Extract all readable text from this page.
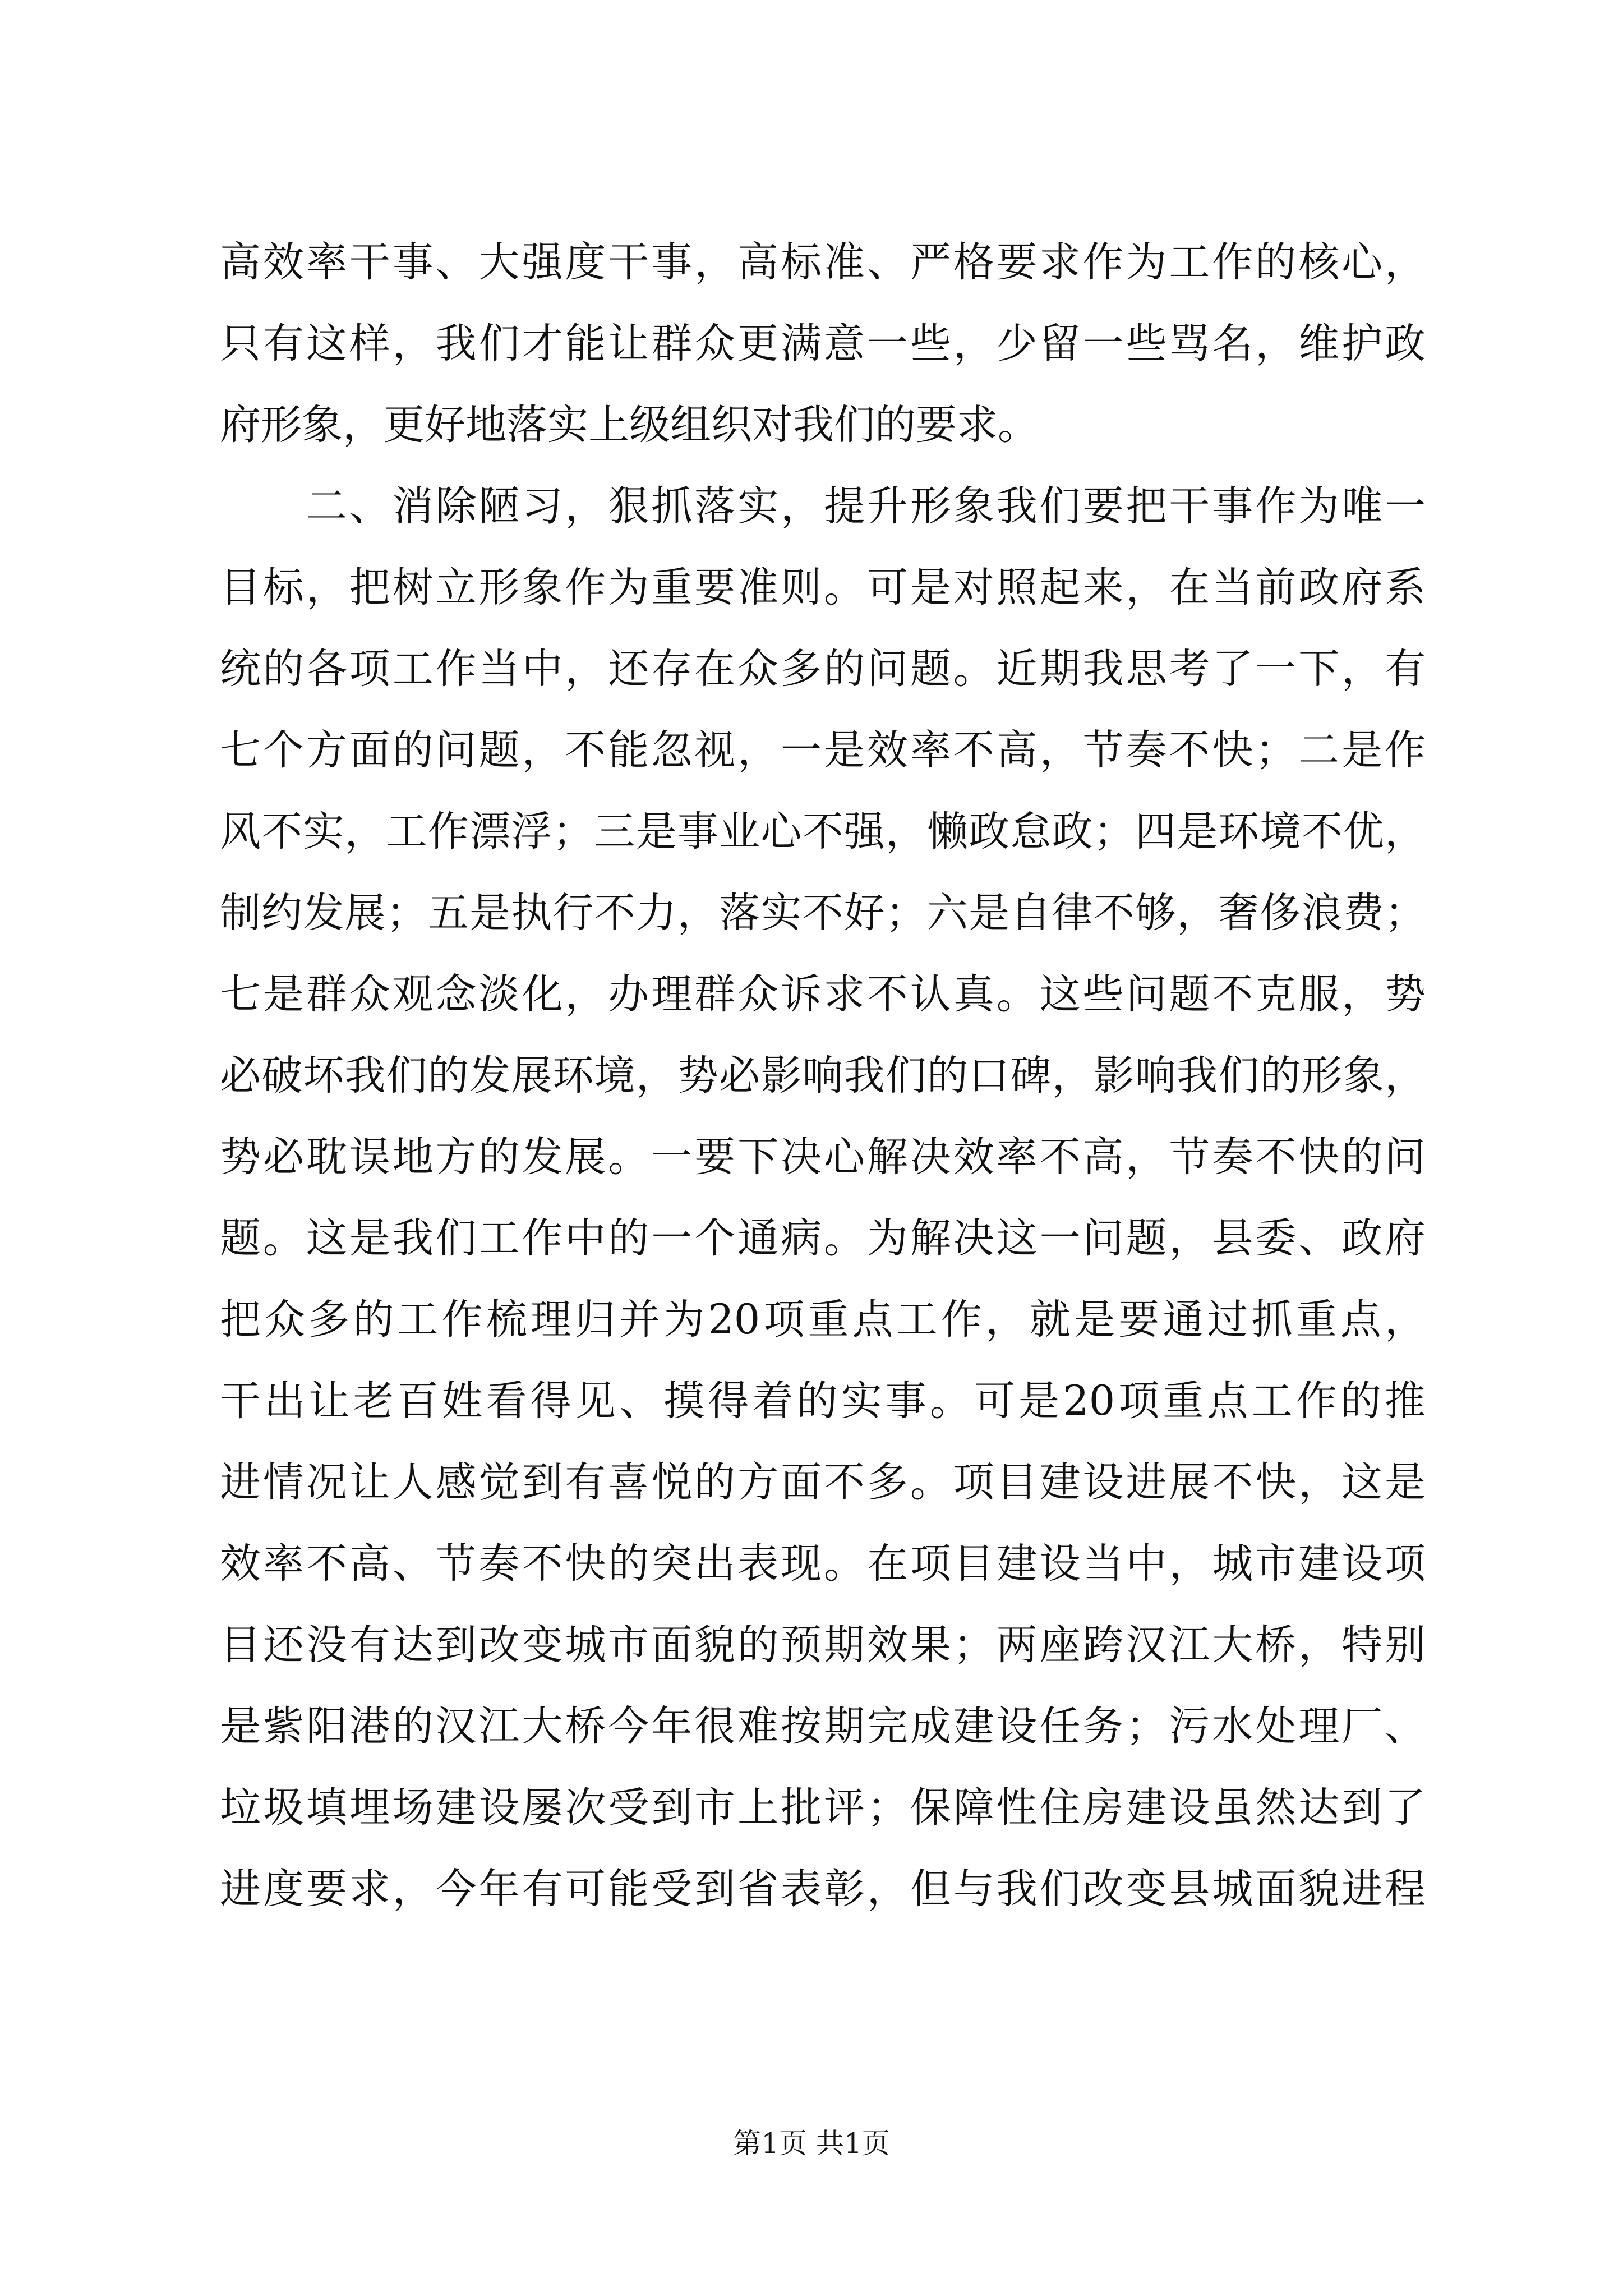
高效率干事、大强度干事，高标准、严格要求作为工作的核心，
只有这样，我们才能让群众更满意一些，少留一些骂名，维护政
府形象，更好地落实上级组织对我们的要求。
　　二、消除陋习，狠抓落实，提升形象我们要把干事作为唯一
目标，把树立形象作为重要准则。可是对照起来，在当前政府系
统的各项工作当中，还存在众多的问题。近期我思考了一下，有
七个方面的问题，不能忽视，一是效率不高，节奏不快；二是作
风不实，工作漂浮；三是事业心不强，懒政怠政；四是环境不优，
制约发展；五是执行不力，落实不好；六是自律不够，奢侈浪费；
七是群众观念淡化，办理群众诉求不认真。这些问题不克服，势
必破坏我们的发展环境，势必影响我们的口碑，影响我们的形象，
势必耽误地方的发展。一要下决心解决效率不高，节奏不快的问
题。这是我们工作中的一个通病。为解决这一问题，县委、政府
把众多的工作梳理归并为20项重点工作，就是要通过抓重点，
干出让老百姓看得见、摸得着的实事。可是20项重点工作的推
进情况让人感觉到有喜悦的方面不多。项目建设进展不快，这是
效率不高、节奏不快的突出表现。在项目建设当中，城市建设项
目还没有达到改变城市面貌的预期效果；两座跨汉江大桥，特别
是紫阳港的汉江大桥今年很难按期完成建设任务；污水处理厂、
垃圾填埋场建设屡次受到市上批评；保障性住房建设虽然达到了
进度要求，今年有可能受到省表彰，但与我们改变县城面貌进程
第1页 共1页
